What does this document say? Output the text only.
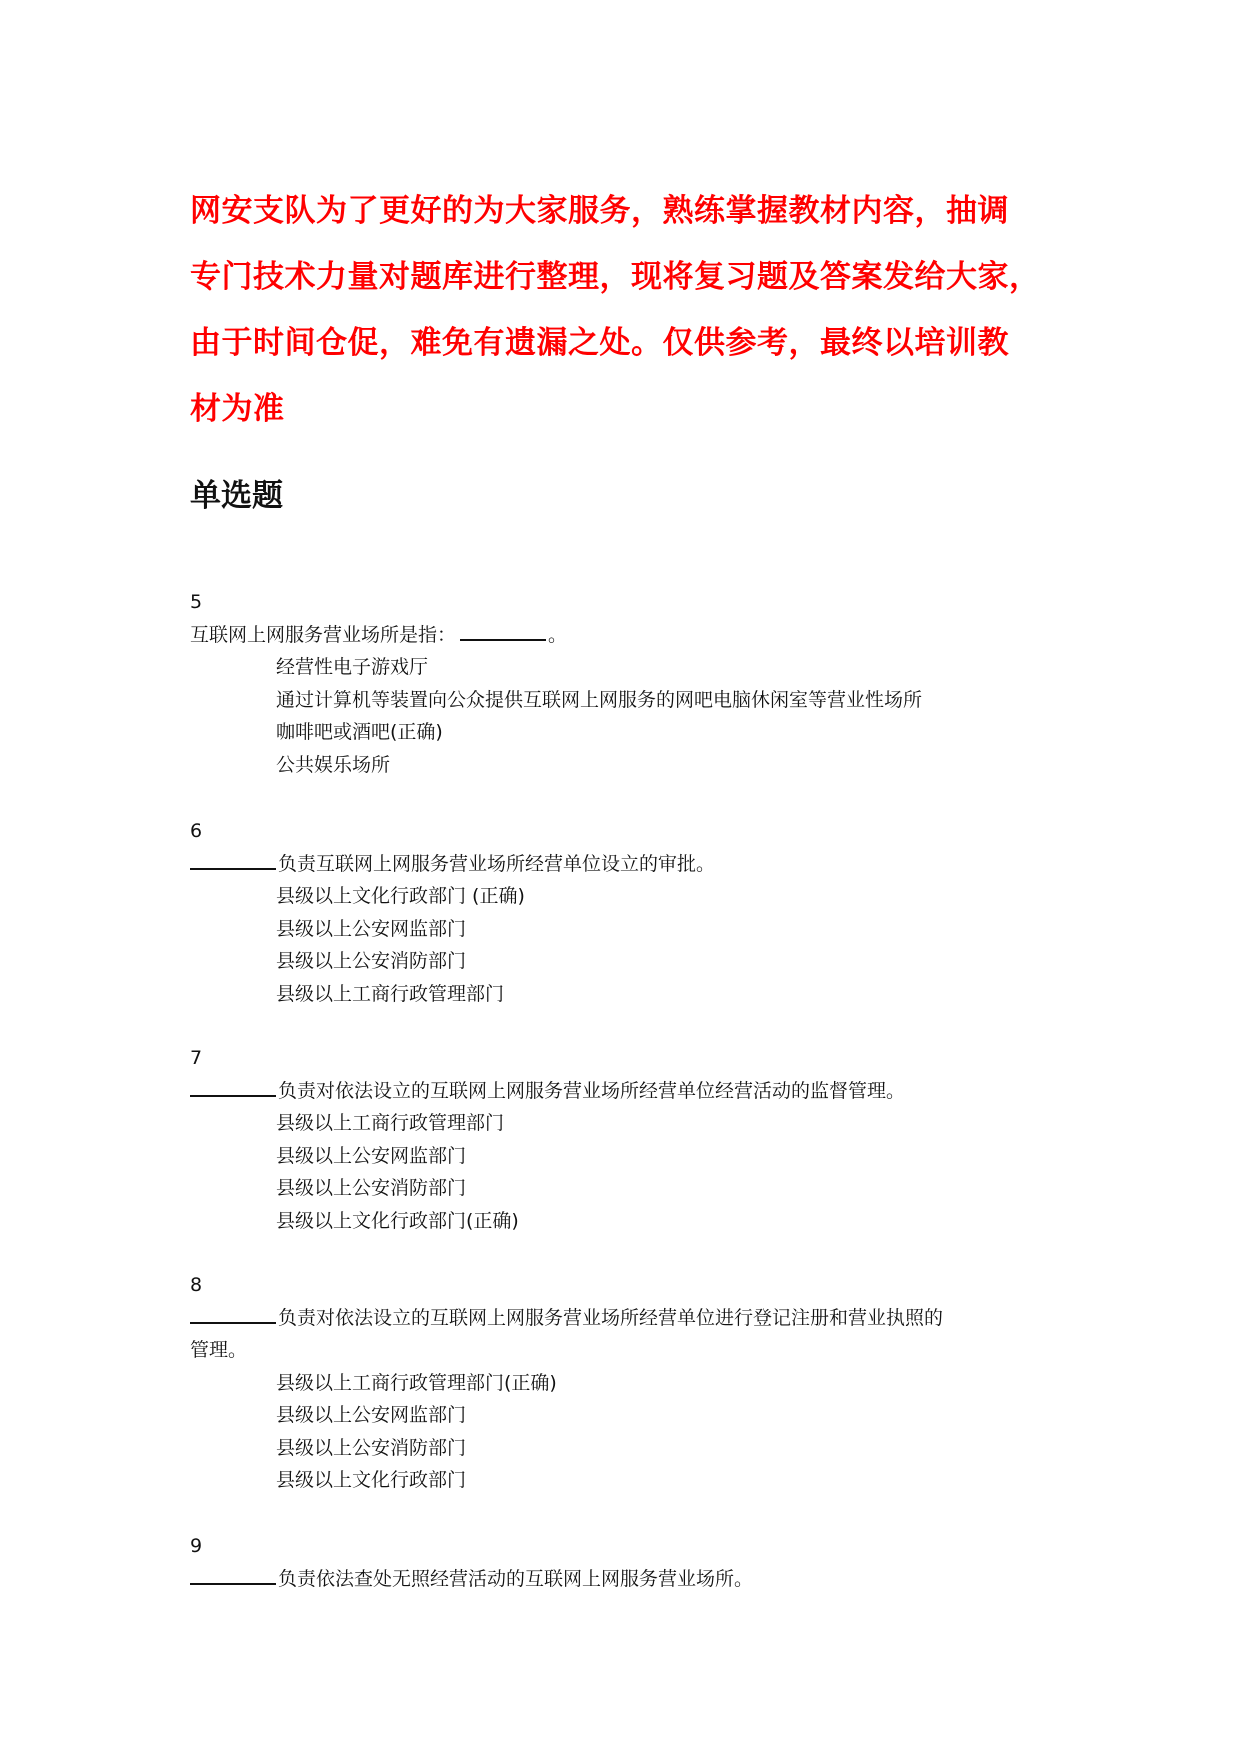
网安支队为了更好的为大家服务，熟练掌握教材内容，抽调
专门技术力量对题库进行整理，现将复习题及答案发给大家，
由于时间仓促，难免有遗漏之处。仅供参考，最终以培训教
材为准
单选题
5
互联网上网服务营业场所是指：	。
经营性电子游戏厅
通过计算机等装置向公众提供互联网上网服务的网吧电脑休闲室等营业性场所
咖啡吧或酒吧(正确)
公共娱乐场所
6
负责互联网上网服务营业场所经营单位设立的审批。
县级以上文化行政部门 (正确)
县级以上公安网监部门
县级以上公安消防部门
县级以上工商行政管理部门
7
负责对依法设立的互联网上网服务营业场所经营单位经营活动的监督管理。
县级以上工商行政管理部门
县级以上公安网监部门
县级以上公安消防部门
县级以上文化行政部门(正确)
8
负责对依法设立的互联网上网服务营业场所经营单位进行登记注册和营业执照的
管理。
县级以上工商行政管理部门(正确)
县级以上公安网监部门
县级以上公安消防部门
县级以上文化行政部门
9
负责依法查处无照经营活动的互联网上网服务营业场所。
